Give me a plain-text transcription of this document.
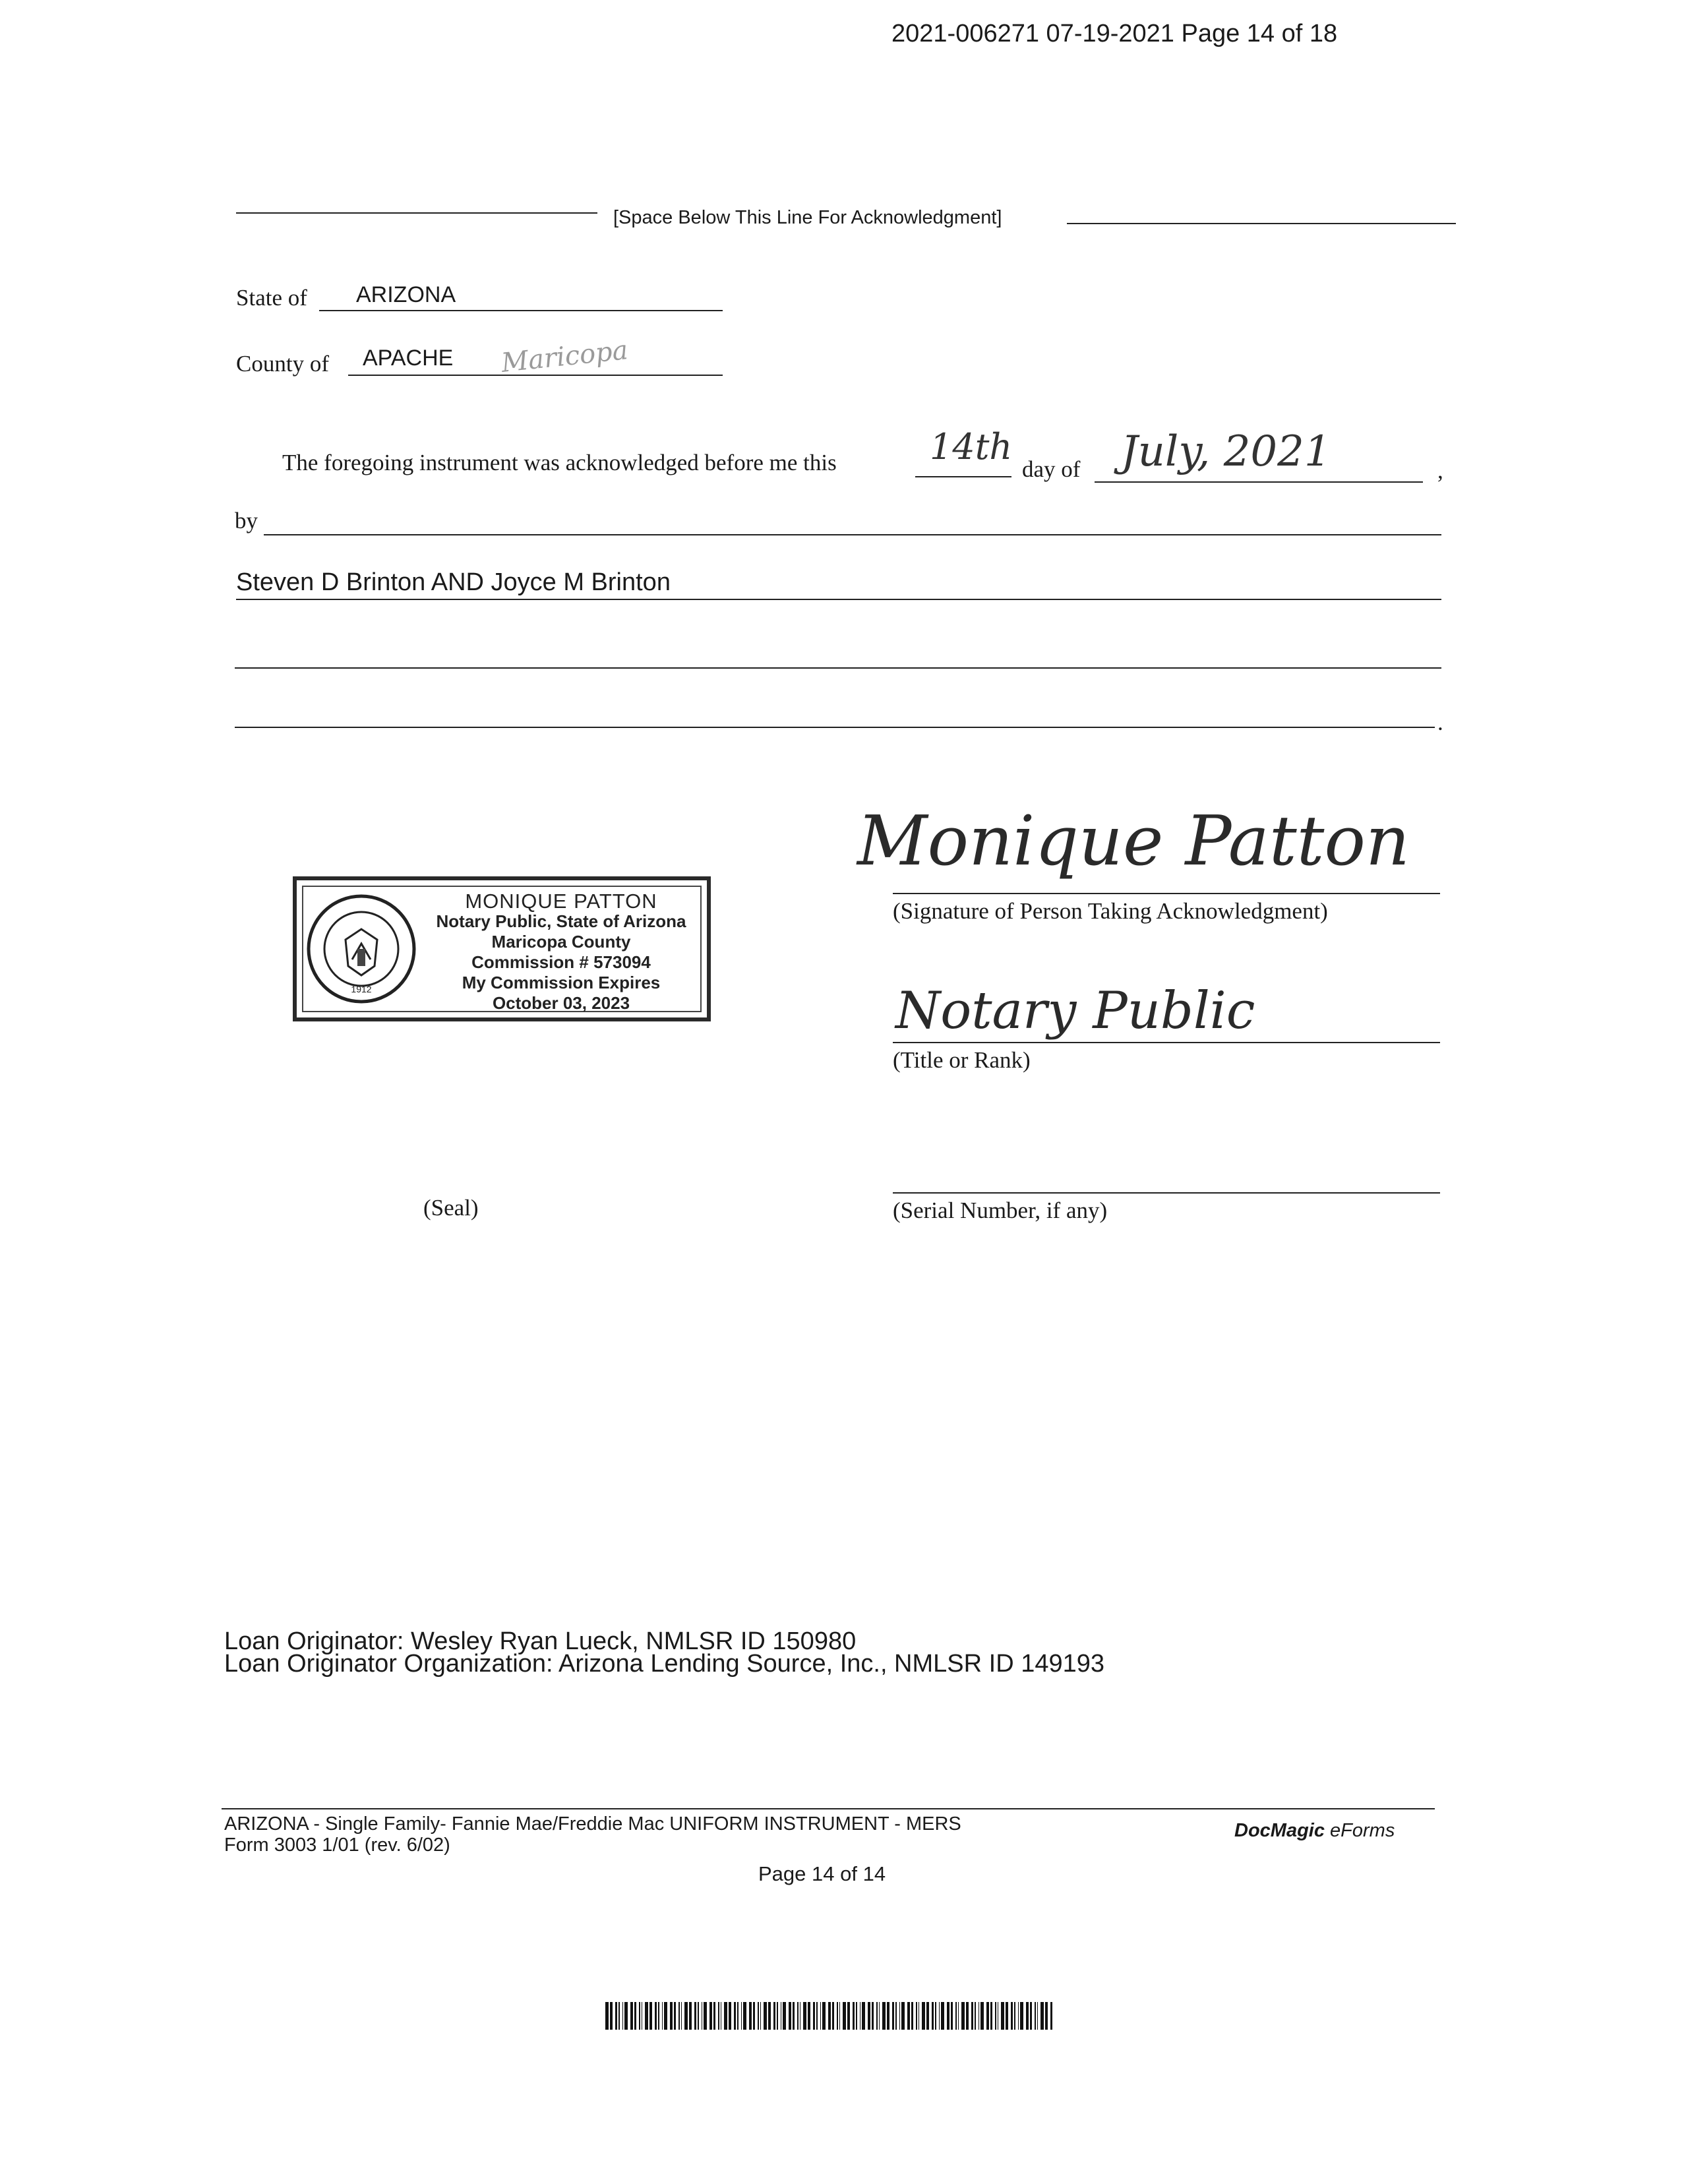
2021-006271 07-19-2021 Page 14 of 18
[Space Below This Line For Acknowledgment]
State of ARIZONA
County of APACHE Maricopa
The foregoing instrument was acknowledged before me this	14th
day of July, 2021	,
by
Steven D Brinton AND Joyce M Brinton
.
1912
MONIQUE PATTON
Notary Public, State of Arizona
Maricopa County
Commission # 573094
My Commission Expires
October 03, 2023
Monique Patton
(Signature of Person Taking Acknowledgment)
Notary Public
(Title or Rank)
(Seal)	(Serial Number, if any)
Loan Originator: Wesley Ryan Lueck, NMLSR ID 150980
Loan Originator Organization: Arizona Lending Source, Inc., NMLSR ID 149193
ARIZONA - Single Family- Fannie Mae/Freddie Mac UNIFORM INSTRUMENT - MERS
Form 3003 1/01 (rev. 6/02)
DocMagic eForms
Page 14 of 14
